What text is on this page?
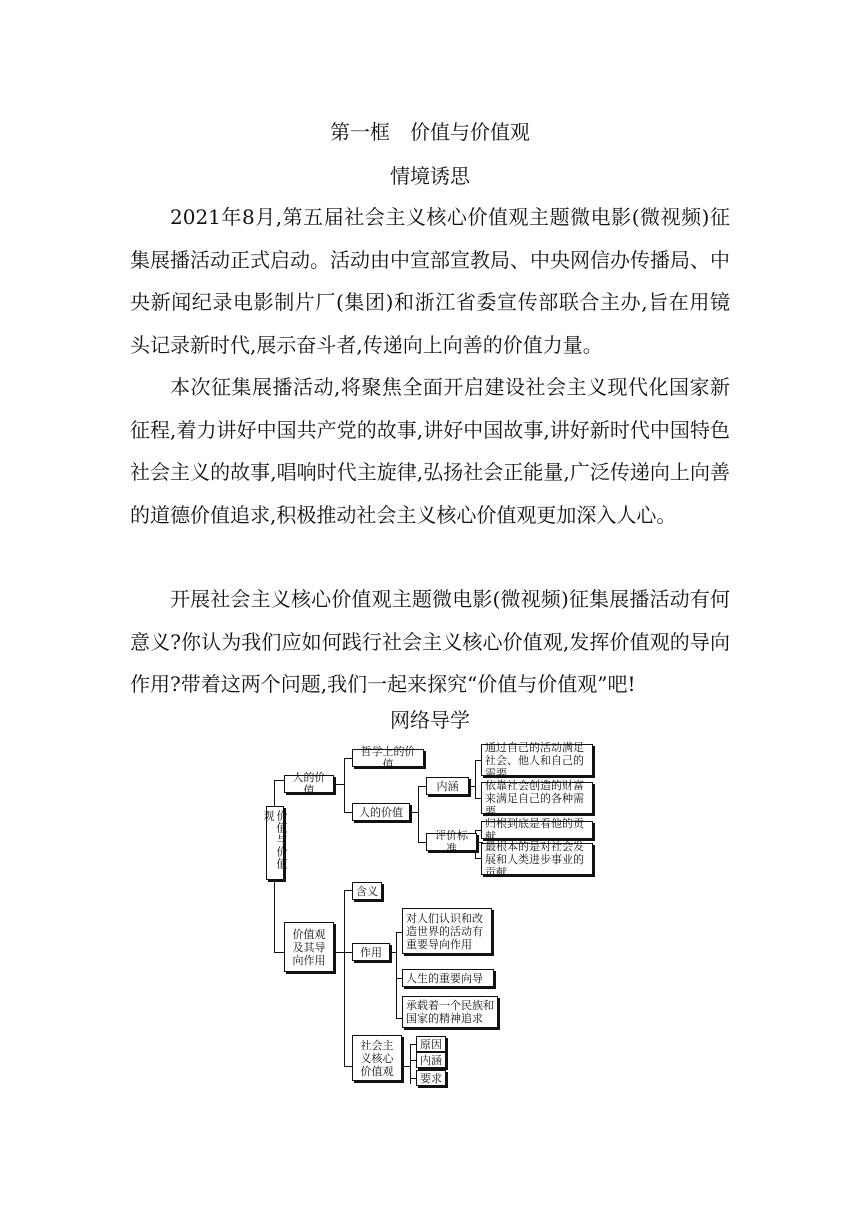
第一框　价值与价值观
情境诱思

2021年8月,第五届社会主义核心价值观主题微电影(微视频)征集展播活动正式启动。活动由中宣部宣教局、中央网信办传播局、中央新闻纪录电影制片厂(集团)和浙江省委宣传部联合主办,旨在用镜头记录新时代,展示奋斗者,传递向上向善的价值力量。

本次征集展播活动,将聚焦全面开启建设社会主义现代化国家新征程,着力讲好中国共产党的故事,讲好中国故事,讲好新时代中国特色社会主义的故事,唱响时代主旋律,弘扬社会正能量,广泛传递向上向善的道德价值追求,积极推动社会主义核心价值观更加深入人心。

开展社会主义核心价值观主题微电影(微视频)征集展播活动有何意义?你认为我们应如何践行社会主义核心价值观,发挥价值观的导向作用?带着这两个问题,我们一起来探究“价值与价值观”吧!

网络导学
价值与价值观
人的价值
哲学上的价值
人的价值
内涵
通过自己的活动满足社会、他人和自己的需要
依靠社会创造的财富来满足自己的各种需要
评价标准
归根到底是看他的贡献
最根本的是对社会发展和人类进步事业的贡献
价值观及其导向作用
含义
作用
对人们认识和改造世界的活动有重要导向作用
人生的重要向导
承载着一个民族和国家的精神追求
社会主义核心价值观
原因
内涵
要求
